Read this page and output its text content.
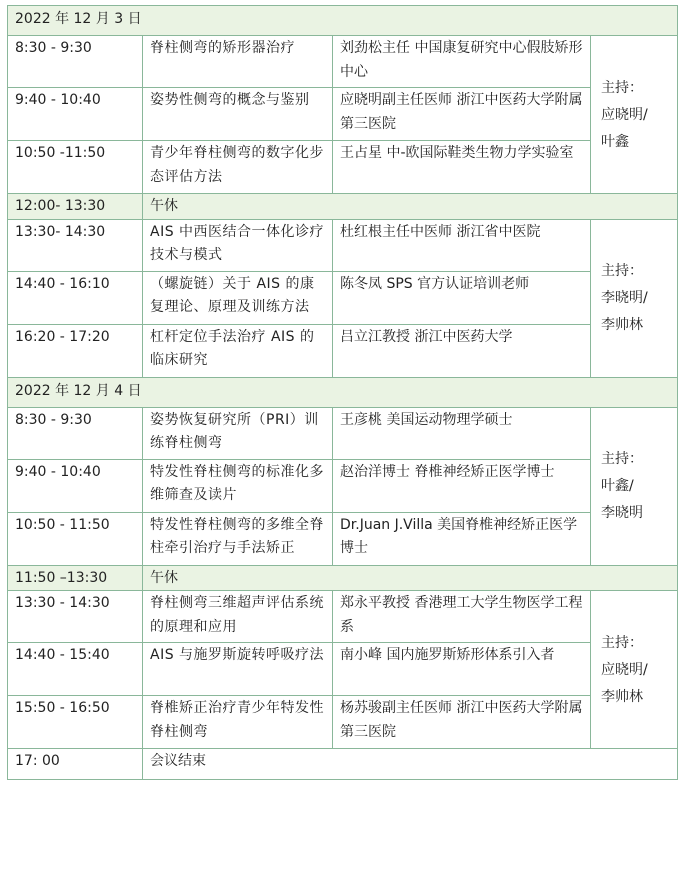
2022 年 12 月 3 日			
8:30 - 9:30	脊柱侧弯的矫形器治疗	刘劲松主任 中国康复研究中心假肢矫形中心	主持：
应晓明/
叶鑫

9:40 - 10:40	姿势性侧弯的概念与鉴别	应晓明副主任医师 浙江中医药大学附属第三医院	
10:50 -11:50	青少年脊柱侧弯的数字化步态评估方法	王占星 中-欧国际鞋类生物力学实验室	
12:00- 13:30	午休		
13:30- 14:30	AIS 中西医结合一体化诊疗技术与模式	杜红根主任中医师 浙江省中医院	主持：
李晓明/
李帅林

14:40 - 16:10	（螺旋链）关于 AIS 的康复理论、原理及训练方法	陈冬凤 SPS 官方认证培训老师	
16:20 - 17:20	杠杆定位手法治疗 AIS 的临床研究	吕立江教授 浙江中医药大学	
2022 年 12 月 4 日			
8:30 - 9:30	姿势恢复研究所（PRI）训练脊柱侧弯	王彦桃 美国运动物理学硕士	主持：
叶鑫/
李晓明

9:40 - 10:40	特发性脊柱侧弯的标准化多维筛查及读片	赵治洋博士 脊椎神经矫正医学博士	
10:50 - 11:50	特发性脊柱侧弯的多维全脊柱牵引治疗与手法矫正	Dr.Juan J.Villa 美国脊椎神经矫正医学博士	
11:50 –13:30	午休		
13:30 - 14:30	脊柱侧弯三维超声评估系统的原理和应用	郑永平教授 香港理工大学生物医学工程系	主持：
应晓明/
李帅林

14:40 - 15:40	AIS 与施罗斯旋转呼吸疗法	南小峰 国内施罗斯矫形体系引入者	
15:50 - 16:50	脊椎矫正治疗青少年特发性脊柱侧弯	杨苏骏副主任医师 浙江中医药大学附属第三医院	
17: 00	会议结束		
